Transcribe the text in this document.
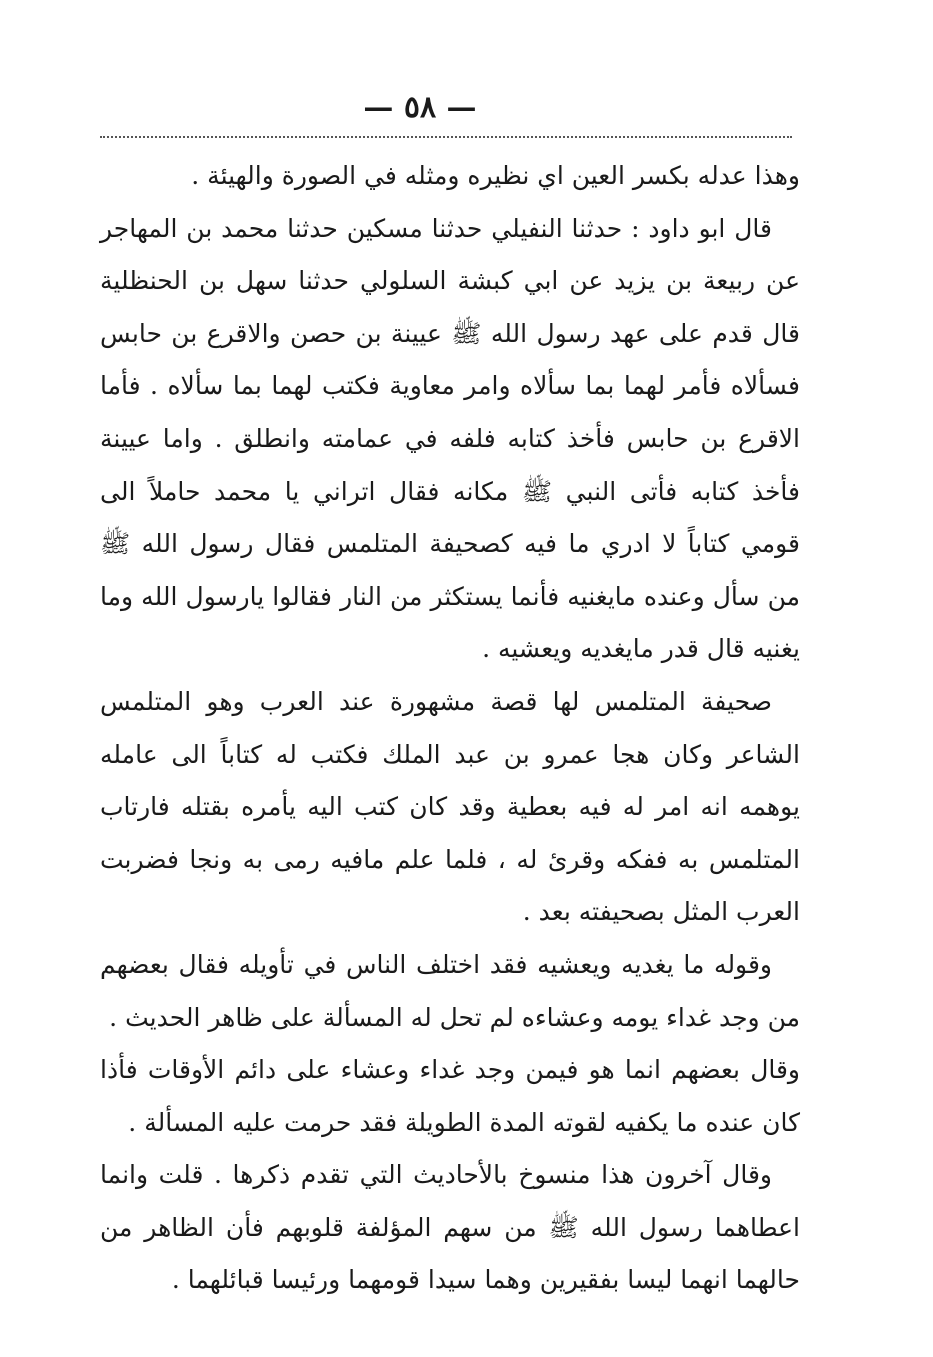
— ٥٨ —

وهذا عدله بكسر العين اي نظيره ومثله في الصورة والهيئة .

قال ابو داود : حدثنا النفيلي حدثنا مسكين حدثنا محمد بن المهاجر عن ربيعة بن يزيد عن ابي كبشة السلولي حدثنا سهل بن الحنظلية قال قدم على عهد رسول الله ﷺ عيينة بن حصن والاقرع بن حابس فسألاه فأمر لهما بما سألاه وامر معاوية فكتب لهما بما سألاه . فأما الاقرع بن حابس فأخذ كتابه فلفه في عمامته وانطلق . واما عيينة فأخذ كتابه فأتى النبي ﷺ مكانه فقال اتراني يا محمد حاملاً الى قومي كتاباً لا ادري ما فيه كصحيفة المتلمس فقال رسول الله ﷺ من سأل وعنده مايغنيه فأنما يستكثر من النار فقالوا يارسول الله وما يغنيه قال قدر مايغديه ويعشيه .

صحيفة المتلمس لها قصة مشهورة عند العرب وهو المتلمس الشاعر وكان هجا عمرو بن عبد الملك فكتب له كتاباً الى عامله يوهمه انه امر له فيه بعطية وقد كان كتب اليه يأمره بقتله فارتاب المتلمس به ففكه وقرئ له ، فلما علم مافيه رمى به ونجا فضربت العرب المثل بصحيفته بعد .

وقوله ما يغديه ويعشيه فقد اختلف الناس في تأويله فقال بعضهم من وجد غداء يومه وعشاءه لم تحل له المسألة على ظاهر الحديث .

وقال بعضهم انما هو فيمن وجد غداء وعشاء على دائم الأوقات فأذا كان عنده ما يكفيه لقوته المدة الطويلة فقد حرمت عليه المسألة .

وقال آخرون هذا منسوخ بالأحاديث التي تقدم ذكرها . قلت وانما اعطاهما رسول الله ﷺ من سهم المؤلفة قلوبهم فأن الظاهر من حالهما انهما ليسا بفقيرين وهما سيدا قومهما ورئيسا قبائلهما .
